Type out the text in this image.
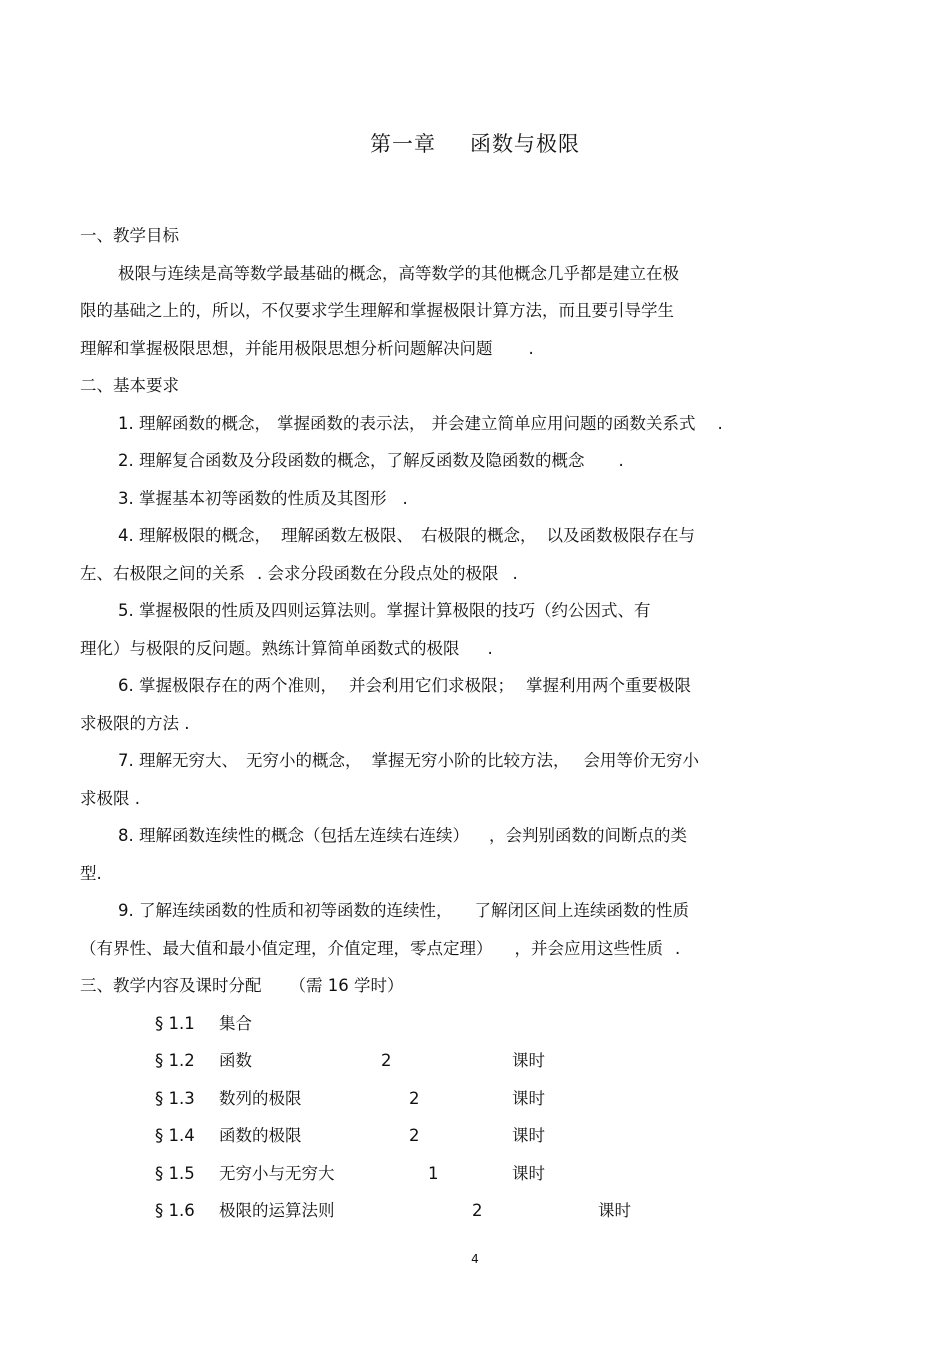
第一章 函数与极限
一、教学目标
极限与连续是高等数学最基础的概念，高等数学的其他概念几乎都是建立在极
限的基础之上的，所以，不仅要求学生理解和掌握极限计算方法，而且要引导学生
理解和掌握极限思想，并能用极限思想分析问题解决问题 .
二、基本要求
1. 理解函数的概念， 掌握函数的表示法， 并会建立简单应用问题的函数关系式 .
2. 理解复合函数及分段函数的概念，了解反函数及隐函数的概念 .
3. 掌握基本初等函数的性质及其图形 .
4. 理解极限的概念， 理解函数左极限、 右极限的概念， 以及函数极限存在与
左、右极限之间的关系 . 会求分段函数在分段点处的极限 .
5. 掌握极限的性质及四则运算法则。掌握计算极限的技巧（约公因式、有
理化）与极限的反问题。熟练计算简单函数式的极限 .
6. 掌握极限存在的两个准则， 并会利用它们求极限； 掌握利用两个重要极限
求极限的方法 .
7. 理解无穷大、 无穷小的概念， 掌握无穷小阶的比较方法， 会用等价无穷小
求极限 .
8. 理解函数连续性的概念（包括左连续右连续） ，会判别函数的间断点的类
型.
9. 了解连续函数的性质和初等函数的连续性， 了解闭区间上连续函数的性质
（有界性、最大值和最小值定理，介值定理，零点定理） ，并会应用这些性质 .
三、教学内容及课时分配 （需 16 学时）
§ 1.1 集合
§ 1.2 函数	2	课时
§ 1.3 数列的极限	2	课时
§ 1.4 函数的极限	2	课时
§ 1.5 无穷小与无穷大	1	课时
§ 1.6 极限的运算法则	2	课时
4
